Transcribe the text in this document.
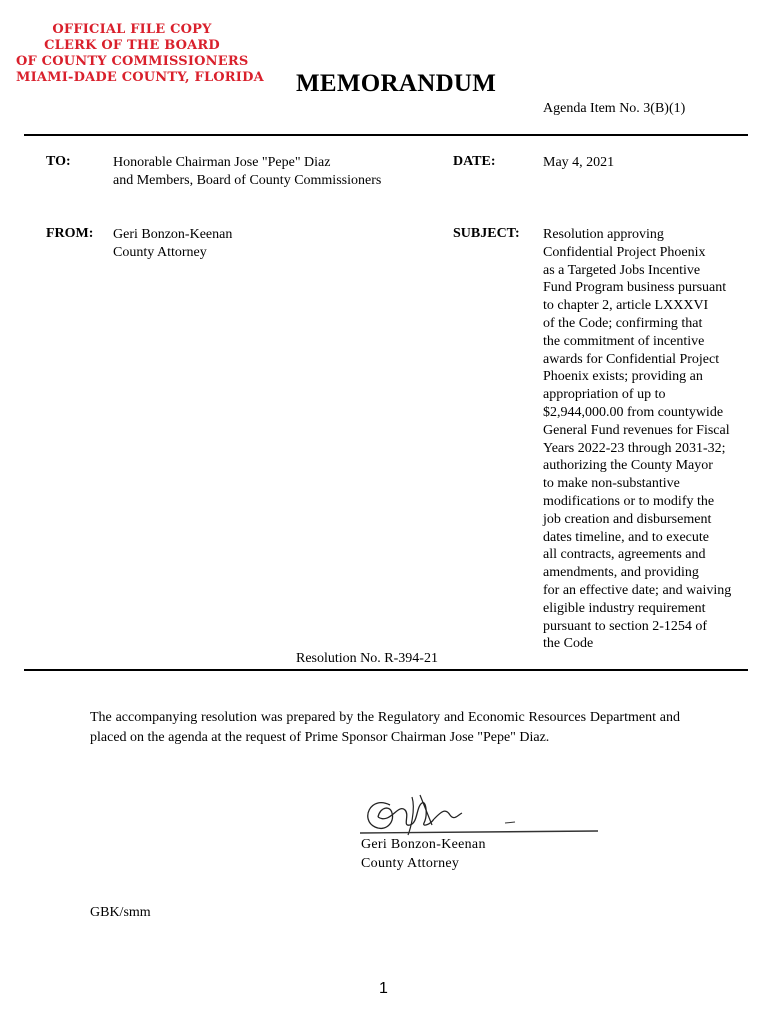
OFFICIAL FILE COPY
CLERK OF THE BOARD
OF COUNTY COMMISSIONERS
MIAMI-DADE COUNTY, FLORIDA MEMORANDUM
Agenda Item No. 3(B)(1)
TO:	Honorable Chairman Jose "Pepe" Diaz
and Members, Board of County Commissioners
DATE:	May 4, 2021
FROM: Geri Bonzon-Keenan
County Attorney
SUBJECT: Resolution approving
Confidential Project Phoenix
as a Targeted Jobs Incentive
Fund Program business pursuant
to chapter 2, article LXXXVI
of the Code; confirming that
the commitment of incentive
awards for Confidential Project
Phoenix exists; providing an
appropriation of up to
$2,944,000.00 from countywide
General Fund revenues for Fiscal
Years 2022-23 through 2031-32;
authorizing the County Mayor
to make non-substantive
modifications or to modify the
job creation and disbursement
dates timeline, and to execute
all contracts, agreements and
amendments, and providing
for an effective date; and waiving
eligible industry requirement
pursuant to section 2-1254 of
the Code
Resolution No. R-394-21
The accompanying resolution was prepared by the Regulatory and Economic Resources Department and placed on the agenda at the request of Prime Sponsor Chairman Jose "Pepe" Diaz.
Geri Bonzon-Keenan
County Attorney
GBK/smm
1
